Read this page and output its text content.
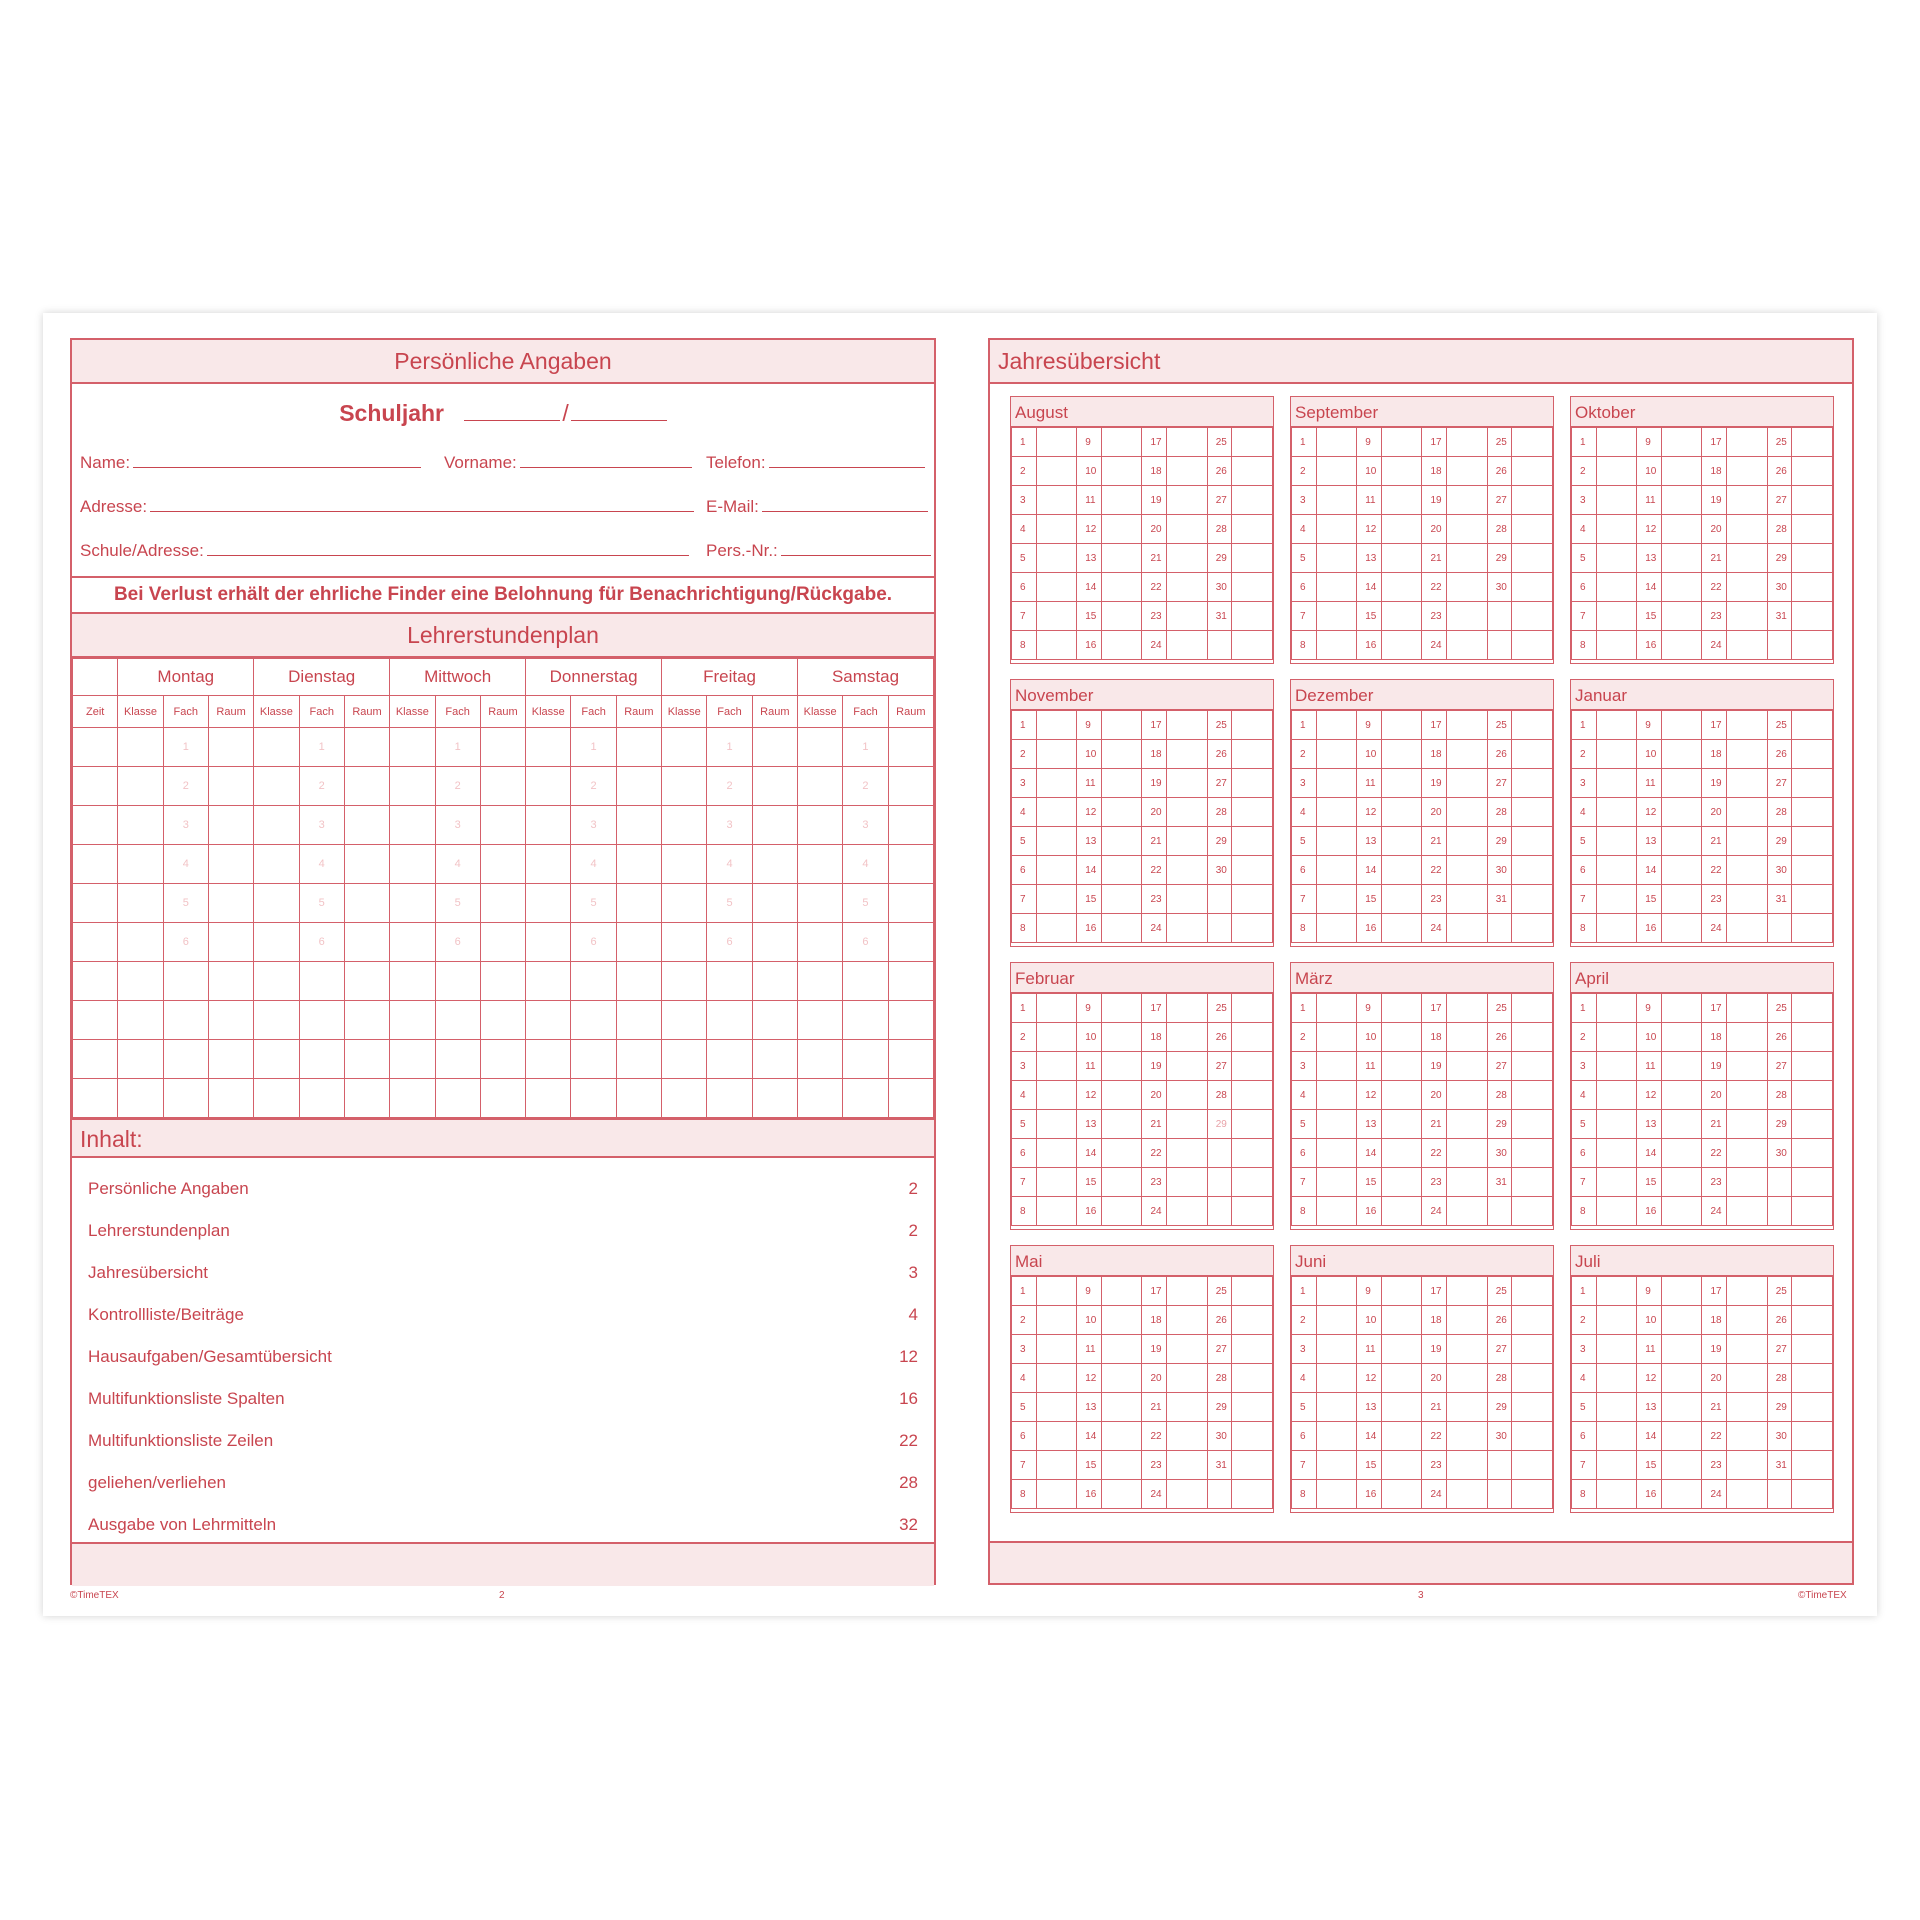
Persönliche Angaben
Schuljahr	/
Name:	Vorname:	Telefon:
Adresse:	E-Mail:
Schule/Adresse:	Pers.-Nr.:
Bei Verlust erhält der ehrliche Finder eine Belohnung für Benachrichtigung/Rückgabe.
Lehrerstundenplan
	Montag			Dienstag			Mittwoch			Donnerstag			Freitag			Samstag		
Zeit	Klasse	Fach	Raum	Klasse	Fach	Raum	Klasse	Fach	Raum	Klasse	Fach	Raum	Klasse	Fach	Raum	Klasse	Fach	Raum
		1			1			1			1			1			1	
		2			2			2			2			2			2	
		3			3			3			3			3			3	
		4			4			4			4			4			4	
		5			5			5			5			5			5	
		6			6			6			6			6			6	

Inhalt:
Persönliche Angaben	2
Lehrerstundenplan	2
Jahresübersicht	3
Kontrollliste/Beiträge	4
Hausaufgaben/Gesamtübersicht	12
Multifunktionsliste Spalten	16
Multifunktionsliste Zeilen	22
geliehen/verliehen	28
Ausgabe von Lehrmitteln	32
Jahresübersicht
August
1		9		17		25	
2		10		18		26	
3		11		19		27	
4		12		20		28	
5		13		21		29	
6		14		22		30	
7		15		23		31	
8		16		24			
September
1		9		17		25	
2		10		18		26	
3		11		19		27	
4		12		20		28	
5		13		21		29	
6		14		22		30	
7		15		23			
8		16		24			
Oktober
1		9		17		25	
2		10		18		26	
3		11		19		27	
4		12		20		28	
5		13		21		29	
6		14		22		30	
7		15		23		31	
8		16		24			
November
1		9		17		25	
2		10		18		26	
3		11		19		27	
4		12		20		28	
5		13		21		29	
6		14		22		30	
7		15		23			
8		16		24			
Dezember
1		9		17		25	
2		10		18		26	
3		11		19		27	
4		12		20		28	
5		13		21		29	
6		14		22		30	
7		15		23		31	
8		16		24			
Januar
1		9		17		25	
2		10		18		26	
3		11		19		27	
4		12		20		28	
5		13		21		29	
6		14		22		30	
7		15		23		31	
8		16		24			
Februar
1		9		17		25	
2		10		18		26	
3		11		19		27	
4		12		20		28	
5		13		21		29	
6		14		22			
7		15		23			
8		16		24			
März
1		9		17		25	
2		10		18		26	
3		11		19		27	
4		12		20		28	
5		13		21		29	
6		14		22		30	
7		15		23		31	
8		16		24			
April
1		9		17		25	
2		10		18		26	
3		11		19		27	
4		12		20		28	
5		13		21		29	
6		14		22		30	
7		15		23			
8		16		24			
Mai
1		9		17		25	
2		10		18		26	
3		11		19		27	
4		12		20		28	
5		13		21		29	
6		14		22		30	
7		15		23		31	
8		16		24			
Juni
1		9		17		25	
2		10		18		26	
3		11		19		27	
4		12		20		28	
5		13		21		29	
6		14		22		30	
7		15		23			
8		16		24			
Juli
1		9		17		25	
2		10		18		26	
3		11		19		27	
4		12		20		28	
5		13		21		29	
6		14		22		30	
7		15		23		31	
8		16		24			
©TimeTEX	2	3	©TimeTEX
